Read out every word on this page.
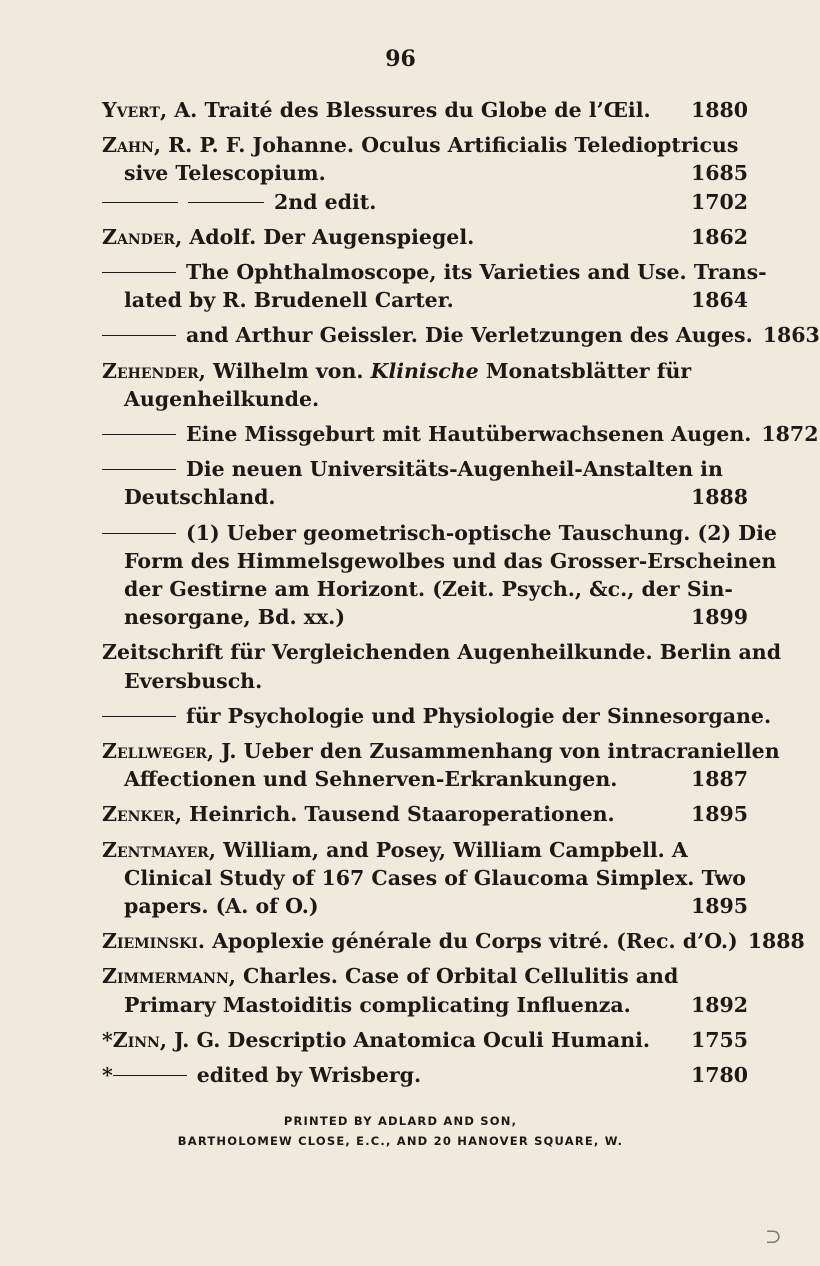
96
Yvert, A. Traité des Blessures du Globe de l’Œil.	1880
Zahn, R. P. F. Johanne. Oculus Artificialis Teledioptricus
sive Telescopium.	1685
2nd edit.	1702
Zander, Adolf. Der Augenspiegel.	1862
The Ophthalmoscope, its Varieties and Use. Trans-
lated by R. Brudenell Carter.	1864
and Arthur Geissler. Die Verletzungen des Auges. 1863
Zehender, Wilhelm von. Klinische Monatsblätter für
Augenheilkunde.
Eine Missgeburt mit Hautüberwachsenen Augen. 1872
Die neuen Universitäts-Augenheil-Anstalten in
Deutschland.	1888
(1) Ueber geometrisch-optische Tauschung. (2) Die
Form des Himmelsgewolbes und das Grosser-Erscheinen
der Gestirne am Horizont. (Zeit. Psych., &c., der Sin-
nesorgane, Bd. xx.)	1899
Zeitschrift für Vergleichenden Augenheilkunde. Berlin and
Eversbusch.
für Psychologie und Physiologie der Sinnesorgane.
Zellweger, J. Ueber den Zusammenhang von intracraniellen
Affectionen und Sehnerven-Erkrankungen.	1887
Zenker, Heinrich. Tausend Staaroperationen.	1895
Zentmayer, William, and Posey, William Campbell. A
Clinical Study of 167 Cases of Glaucoma Simplex. Two
papers. (A. of O.)	1895
Zieminski. Apoplexie générale du Corps vitré. (Rec. d’O.) 1888
Zimmermann, Charles. Case of Orbital Cellulitis and
Primary Mastoiditis complicating Influenza.	1892
*Zinn, J. G. Descriptio Anatomica Oculi Humani.	1755
*	edited by Wrisberg.	1780
PRINTED BY ADLARD AND SON,
BARTHOLOMEW CLOSE, E.C., AND 20 HANOVER SQUARE, W.
⊃
